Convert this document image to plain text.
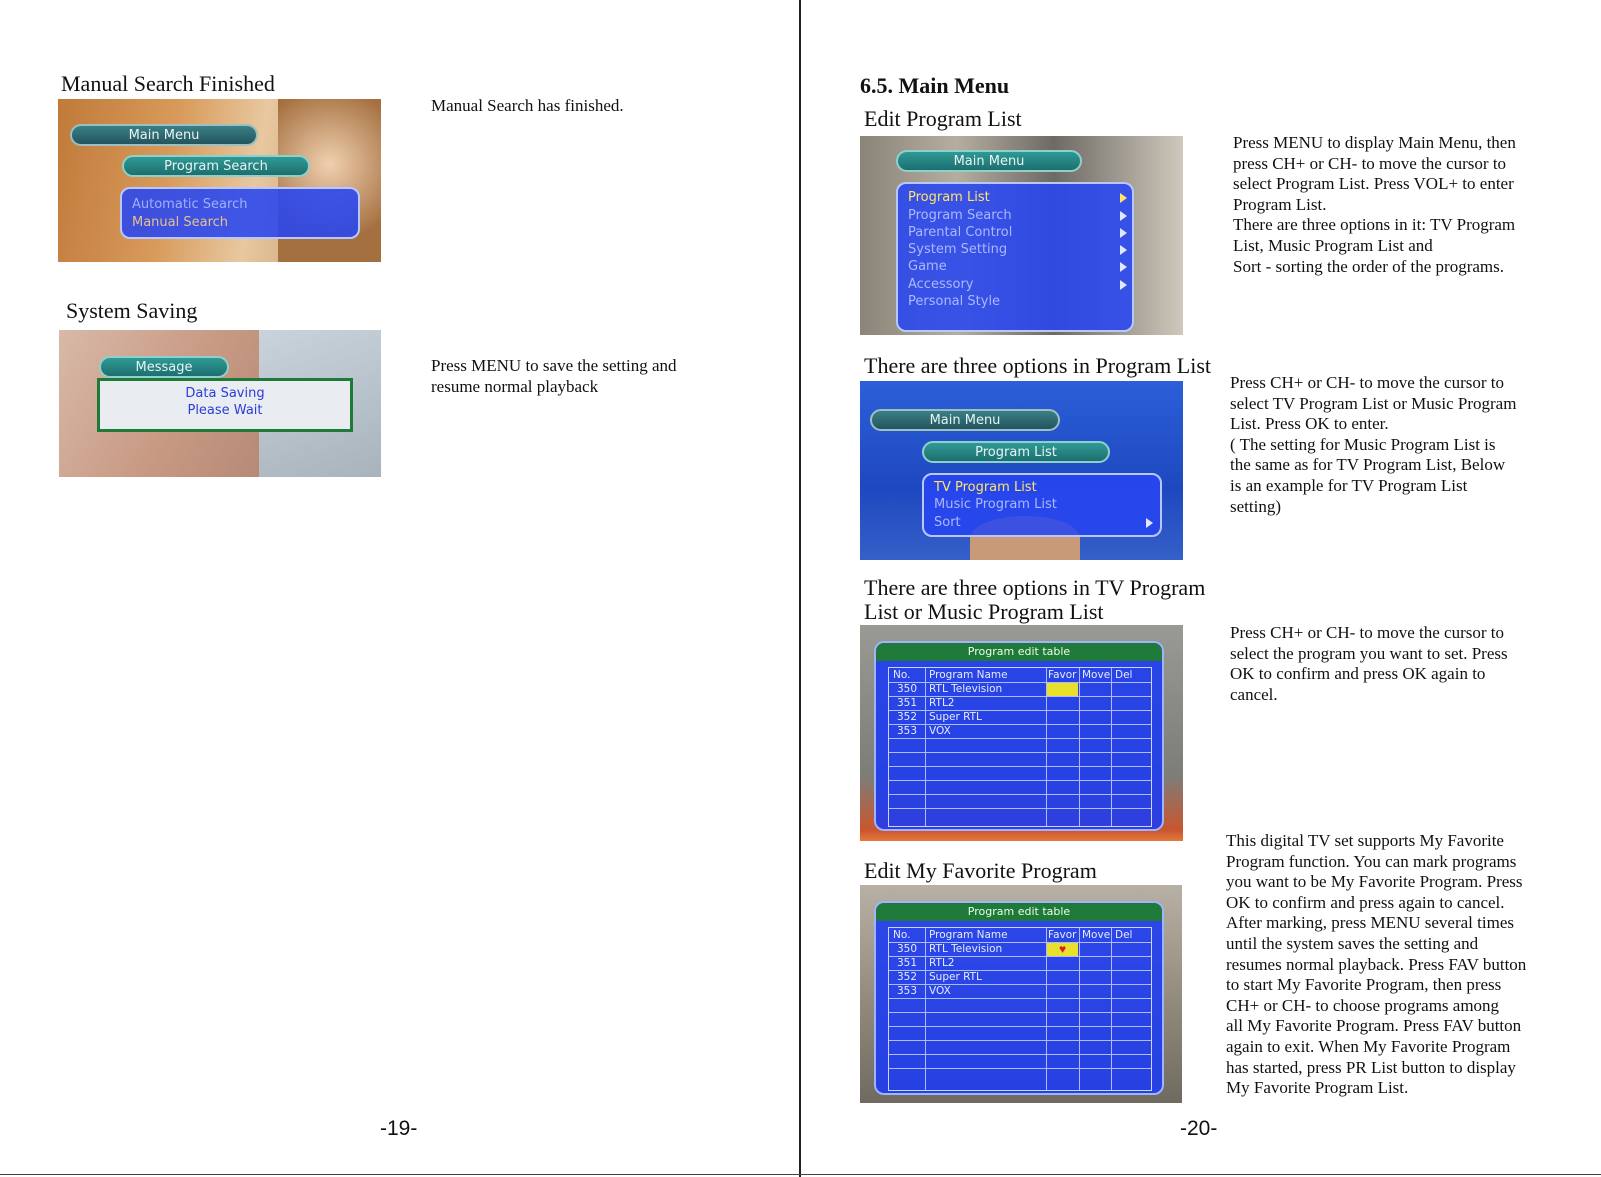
Manual Search Finished
Main Menu
Program Search
Automatic Search
Manual Search
Manual Search has finished.
System Saving
Message
Data Saving
Please Wait
Press MENU to save the setting and
resume normal playback
-19-
6.5. Main Menu
Edit Program List
Main Menu
Program List
Program Search
Parental Control
System Setting
Game
Accessory
Personal Style
Press MENU to display Main Menu, then
press CH+ or CH- to move the cursor to
select Program List. Press VOL+ to enter
Program List.
There are three options in it: TV Program
List, Music Program List and
Sort - sorting the order of the programs.
There are three options in Program List
Main Menu
Program List
TV Program List
Music Program List
Sort
Press CH+ or CH- to move the cursor to
select TV Program List or Music Program
List. Press OK to enter.
( The setting for Music Program List is
the same as for TV Program List, Below
is an example for TV Program List
setting)
There are three options in TV Program
List or Music Program List
Program edit table
No. Program Name	Favor Move Del
350 RTL Television
351 RTL2
352 Super RTL
353 VOX
Press CH+ or CH- to move the cursor to
select the program you want to set. Press
OK to confirm and press OK again to
cancel.
Edit My Favorite Program
Program edit table
No. Program Name	Favor Move Del
♥
350 RTL Television
351 RTL2
352 Super RTL
353 VOX
This digital TV set supports My Favorite
Program function. You can mark programs
you want to be My Favorite Program. Press
OK to confirm and press again to cancel.
After marking, press MENU several times
until the system saves the setting and
resumes normal playback. Press FAV button
to start My Favorite Program, then press
CH+ or CH- to choose programs among
all My Favorite Program. Press FAV button
again to exit. When My Favorite Program
has started, press PR List button to display
My Favorite Program List.
-20-
